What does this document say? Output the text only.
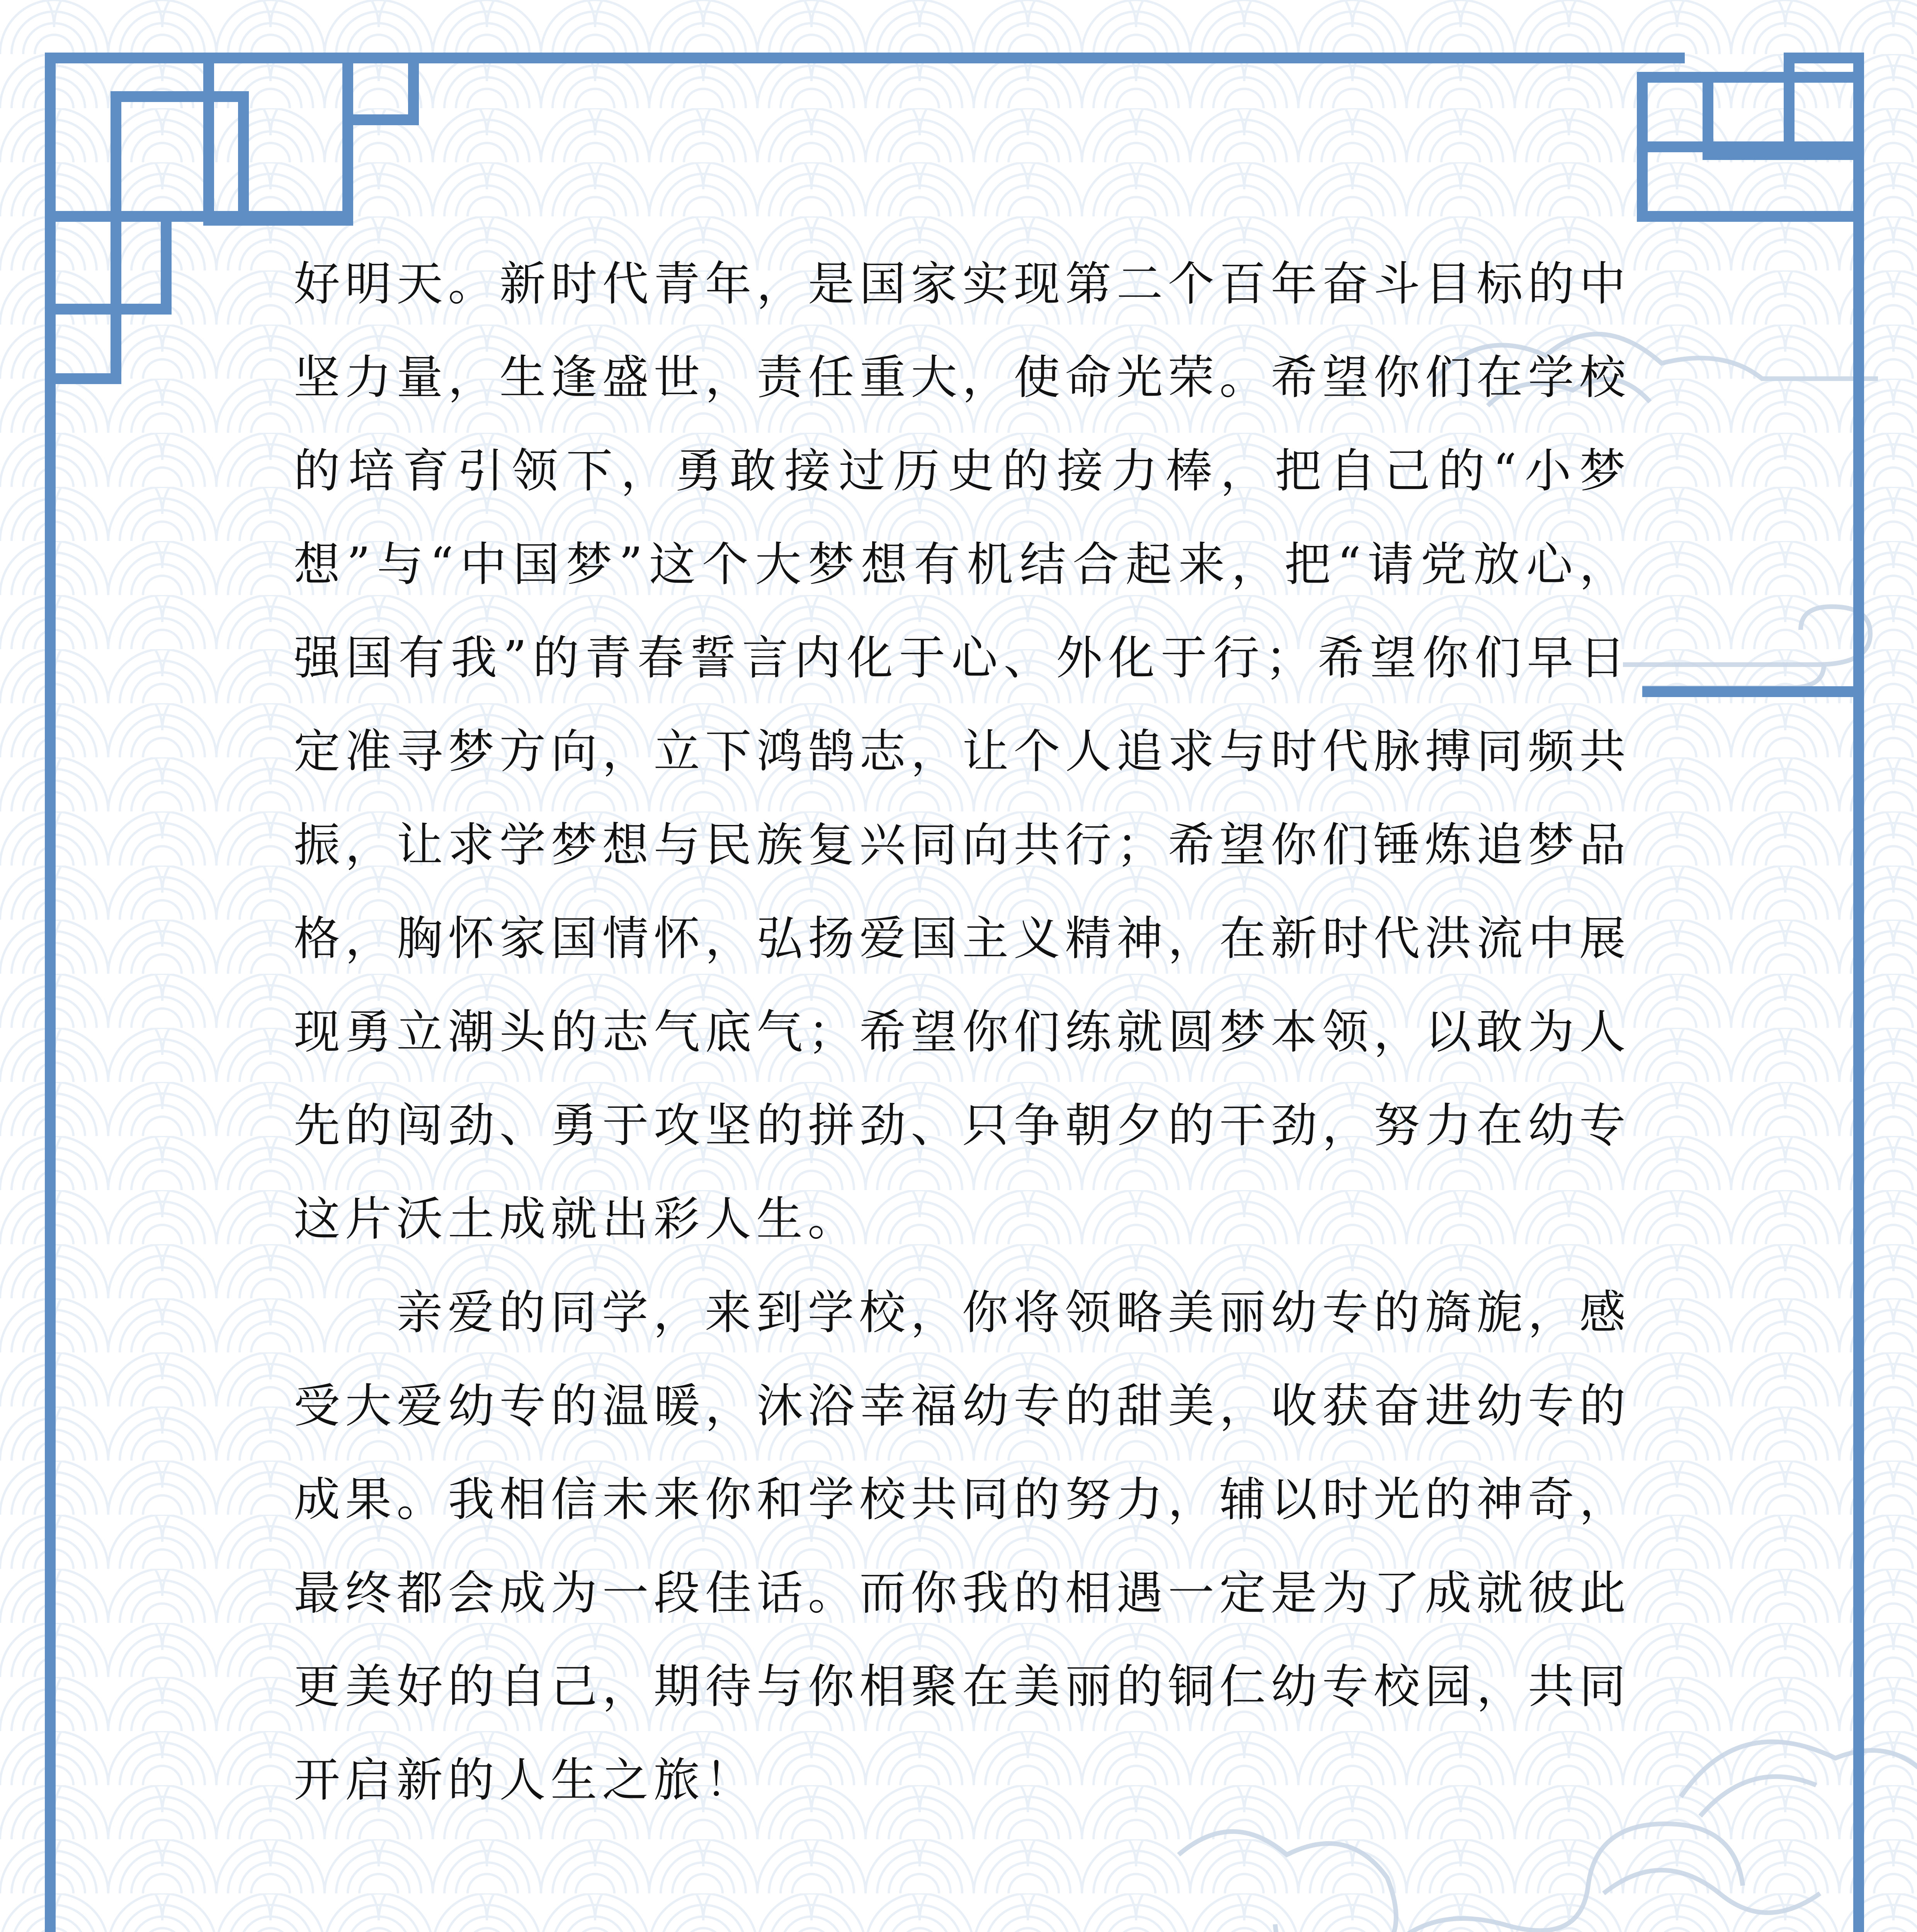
好明天。新时代青年，是国家实现第二个百年奋斗目标的中坚力量，生逢盛世，责任重大，使命光荣。希望你们在学校的培育引领下，勇敢接过历史的接力棒，把自己的“小梦想”与“中国梦”这个大梦想有机结合起来，把“请党放心，强国有我”的青春誓言内化于心、外化于行；希望你们早日定准寻梦方向，立下鸿鹄志，让个人追求与时代脉搏同频共振，让求学梦想与民族复兴同向共行；希望你们锤炼追梦品格，胸怀家国情怀，弘扬爱国主义精神，在新时代洪流中展现勇立潮头的志气底气；希望你们练就圆梦本领，以敢为人先的闯劲、勇于攻坚的拼劲、只争朝夕的干劲，努力在幼专这片沃土成就出彩人生。

亲爱的同学，来到学校，你将领略美丽幼专的旖旎，感受大爱幼专的温暖，沐浴幸福幼专的甜美，收获奋进幼专的成果。我相信未来你和学校共同的努力，辅以时光的神奇，最终都会成为一段佳话。而你我的相遇一定是为了成就彼此更美好的自己，期待与你相聚在美丽的铜仁幼专校园，共同开启新的人生之旅！
